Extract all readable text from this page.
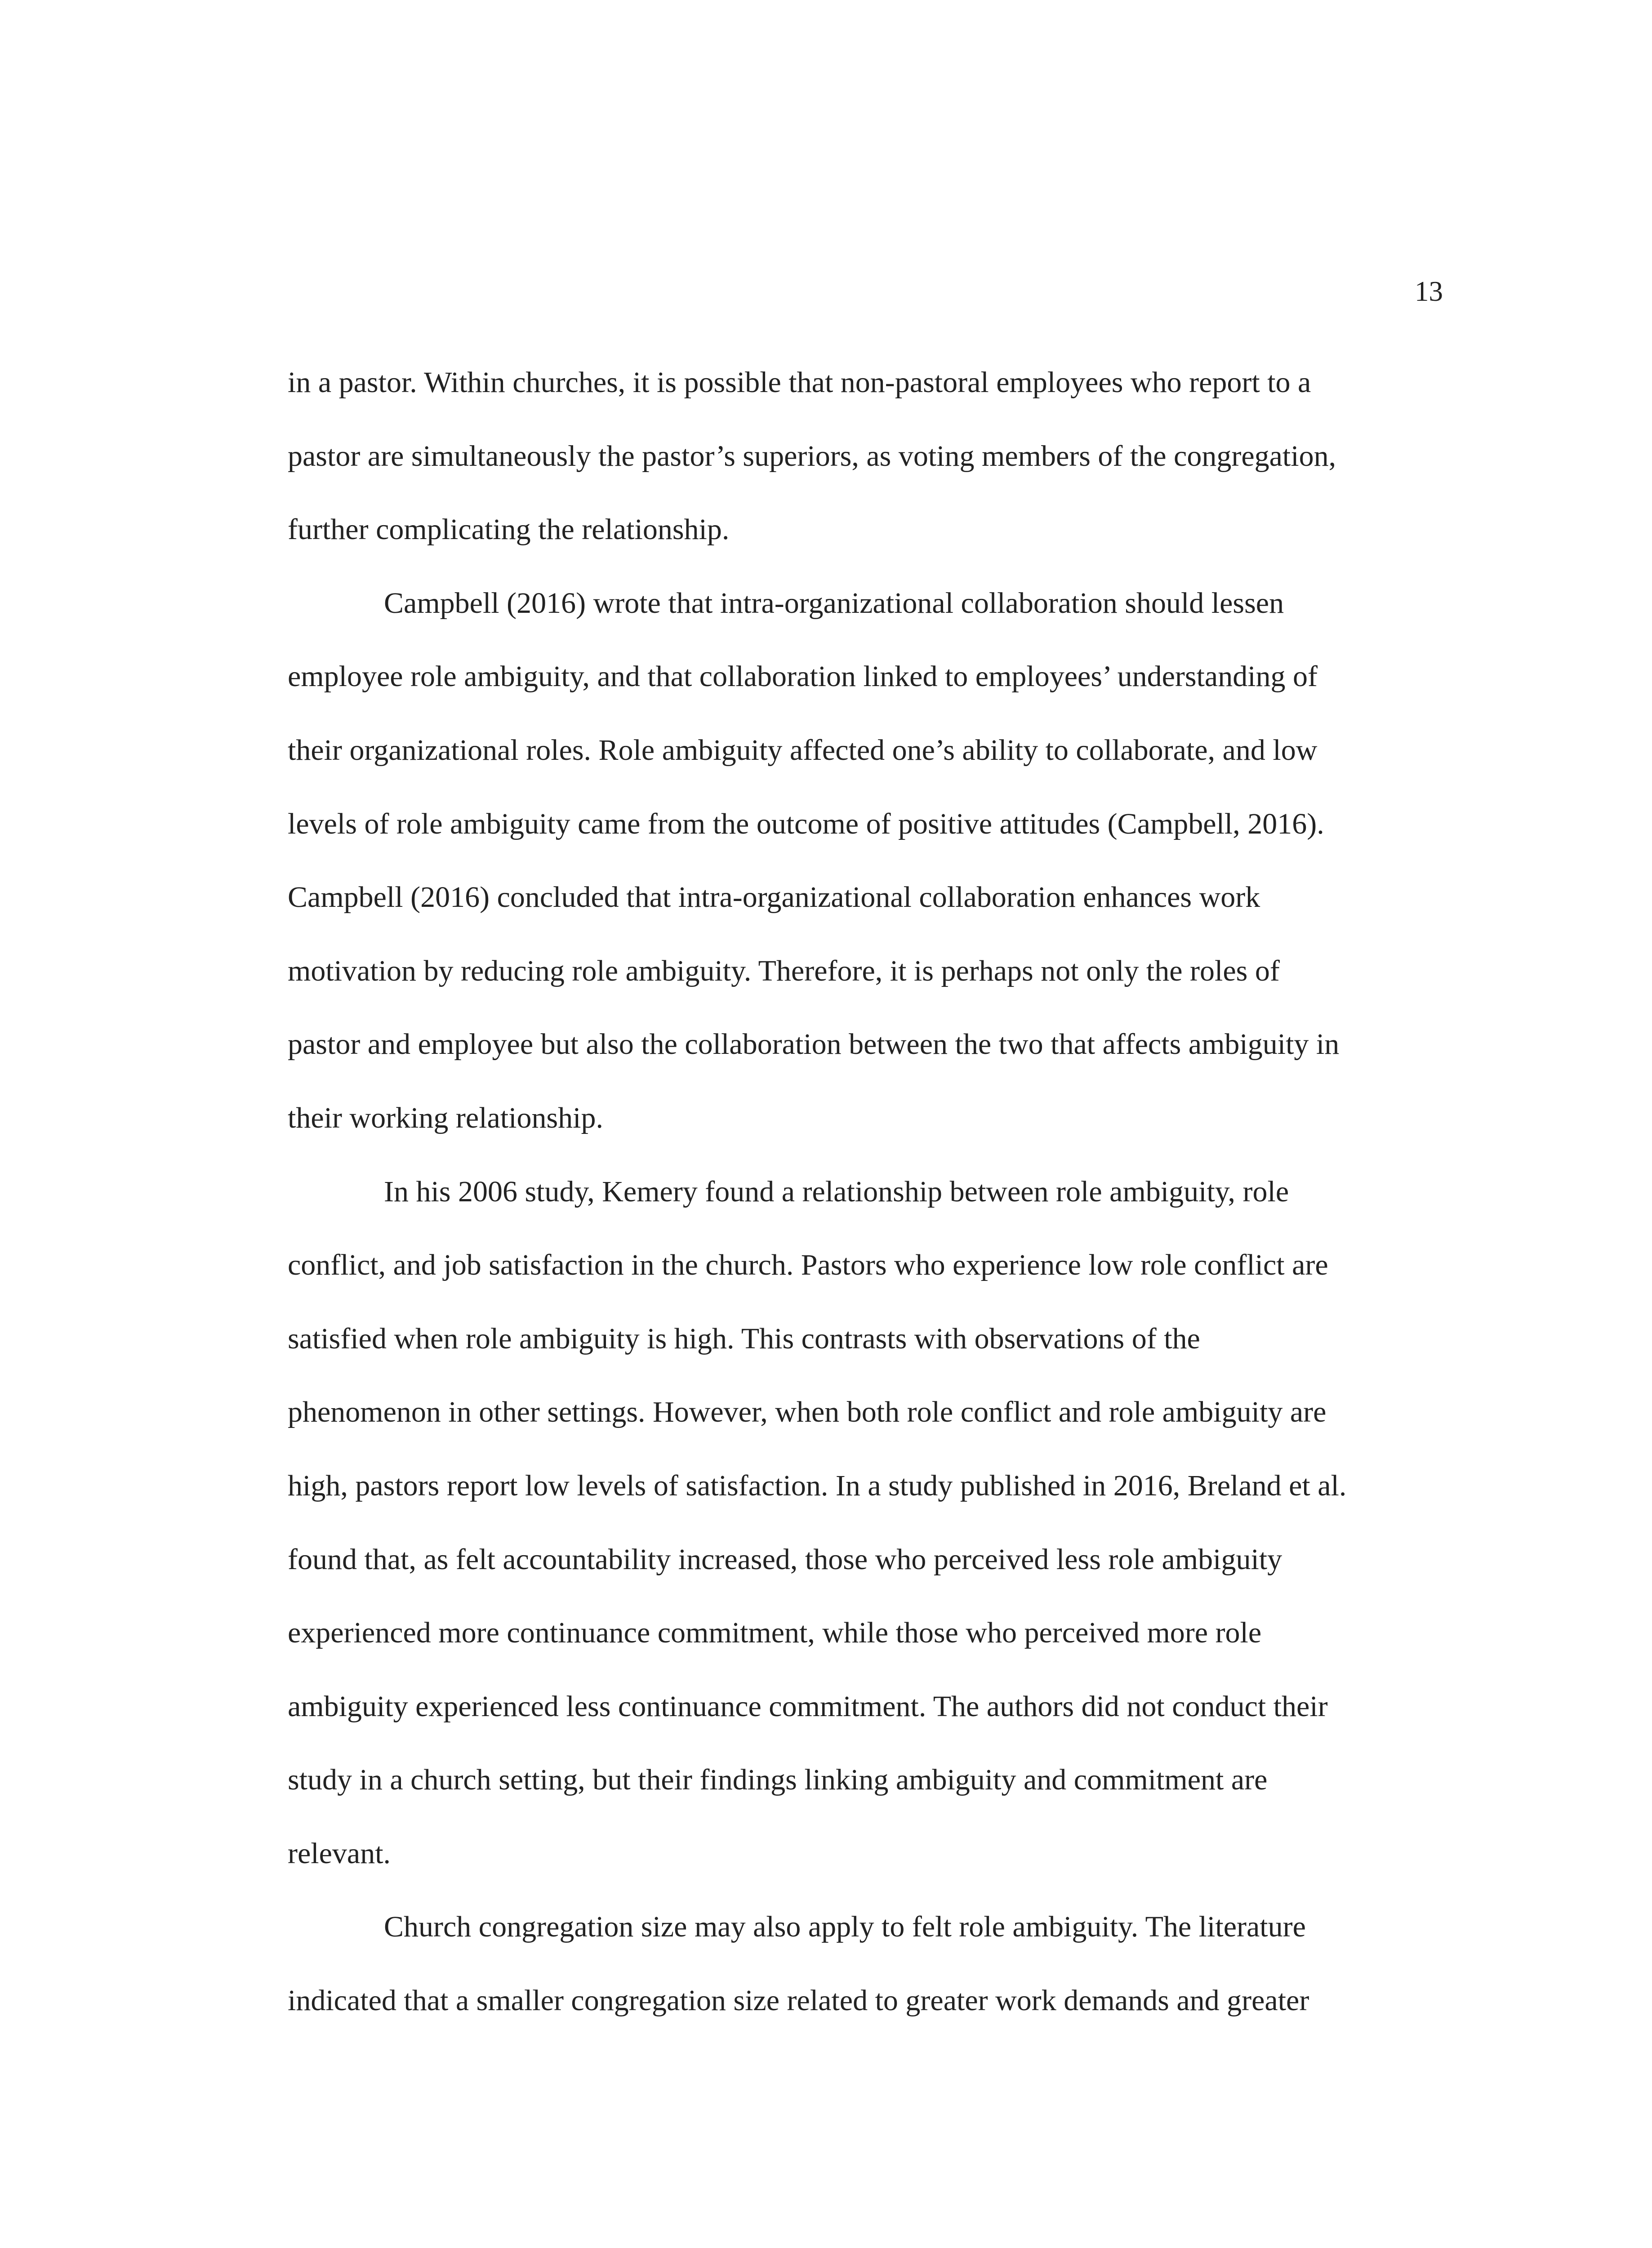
13

in a pastor. Within churches, it is possible that non-pastoral employees who report to a
pastor are simultaneously the pastor’s superiors, as voting members of the congregation,
further complicating the relationship.
Campbell (2016) wrote that intra-organizational collaboration should lessen
employee role ambiguity, and that collaboration linked to employees’ understanding of
their organizational roles. Role ambiguity affected one’s ability to collaborate, and low
levels of role ambiguity came from the outcome of positive attitudes (Campbell, 2016).
Campbell (2016) concluded that intra-organizational collaboration enhances work
motivation by reducing role ambiguity. Therefore, it is perhaps not only the roles of
pastor and employee but also the collaboration between the two that affects ambiguity in
their working relationship.
In his 2006 study, Kemery found a relationship between role ambiguity, role
conflict, and job satisfaction in the church. Pastors who experience low role conflict are
satisfied when role ambiguity is high. This contrasts with observations of the
phenomenon in other settings. However, when both role conflict and role ambiguity are
high, pastors report low levels of satisfaction. In a study published in 2016, Breland et al.
found that, as felt accountability increased, those who perceived less role ambiguity
experienced more continuance commitment, while those who perceived more role
ambiguity experienced less continuance commitment. The authors did not conduct their
study in a church setting, but their findings linking ambiguity and commitment are
relevant.
Church congregation size may also apply to felt role ambiguity. The literature
indicated that a smaller congregation size related to greater work demands and greater
